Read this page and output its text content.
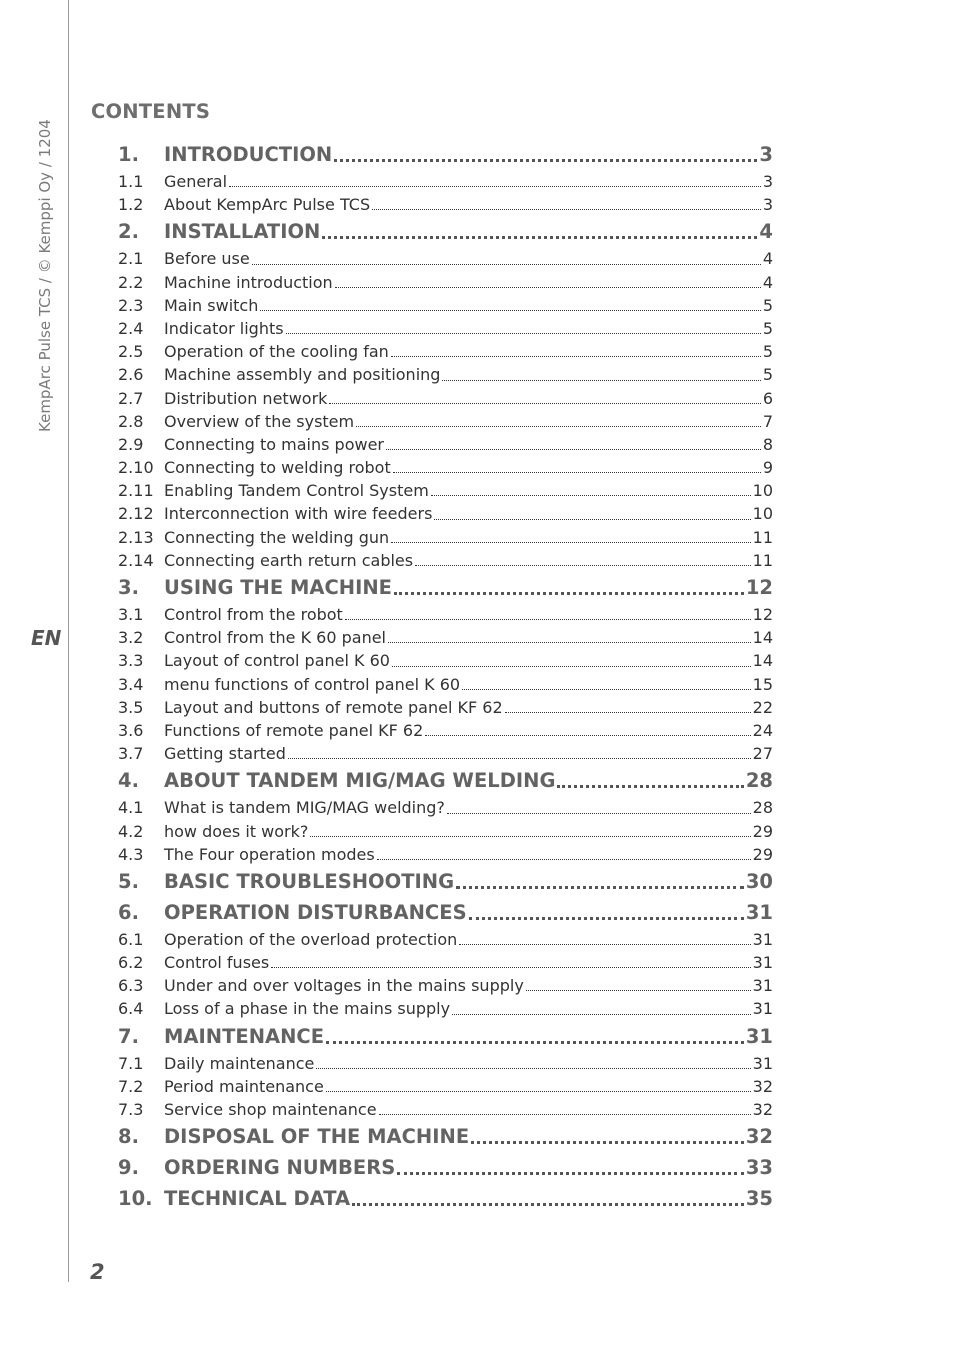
KempArc Pulse TCS / © Kemppi Oy / 1204
EN
CONTENTS
1.	INTRODUCTION	3
1.1	General	3
1.2	About KempArc Pulse TCS	3
2.	INSTALLATION	4
2.1	Before use	4
2.2	Machine introduction	4
2.3	Main switch	5
2.4	Indicator lights	5
2.5	Operation of the cooling fan	5
2.6	Machine assembly and positioning	5
2.7	Distribution network	6
2.8	Overview of the system	7
2.9	Connecting to mains power	8
2.10 Connecting to welding robot	9
2.11 Enabling Tandem Control System	10
2.12 Interconnection with wire feeders	10
2.13 Connecting the welding gun	11
2.14 Connecting earth return cables	11
3.	USING THE MACHINE	12
3.1	Control from the robot	12
3.2	Control from the K 60 panel	14
3.3	Layout of control panel K 60	14
3.4	menu functions of control panel K 60	15
3.5	Layout and buttons of remote panel KF 62	22
3.6	Functions of remote panel KF 62	24
3.7	Getting started	27
4.	ABOUT TANDEM MIG/MAG WELDING	28
4.1	What is tandem MIG/MAG welding?	28
4.2	how does it work?	29
4.3	The Four operation modes	29
5.	BASIC TROUBLESHOOTING	30
6.	OPERATION DISTURBANCES	31
6.1	Operation of the overload protection	31
6.2	Control fuses	31
6.3	Under and over voltages in the mains supply	31
6.4	Loss of a phase in the mains supply	31
7.	MAINTENANCE	31
7.1	Daily maintenance	31
7.2	Period maintenance	32
7.3	Service shop maintenance	32
8.	DISPOSAL OF THE MACHINE	32
9.	ORDERING NUMBERS	33
10. TECHNICAL DATA	35
2
